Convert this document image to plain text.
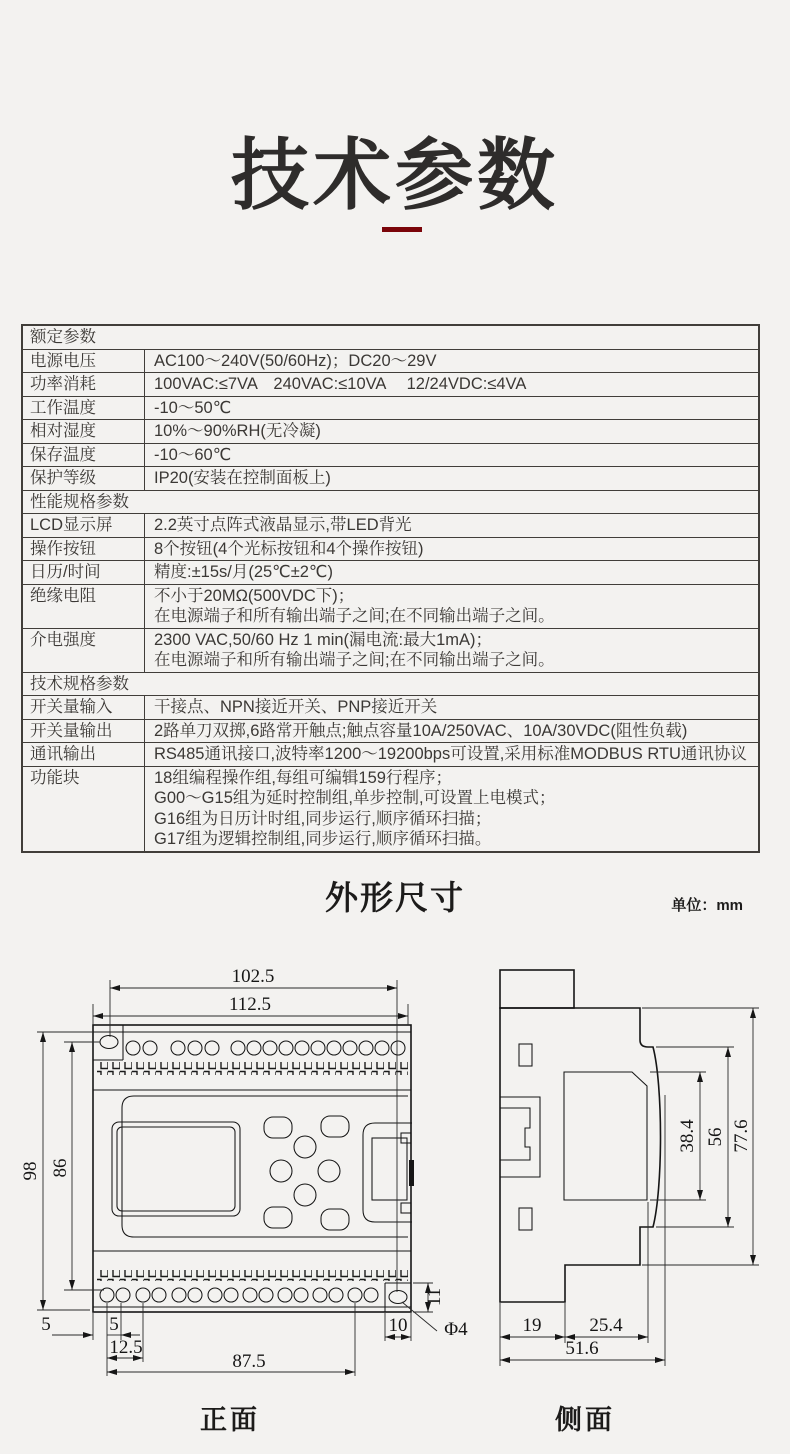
技术参数
额定参数
电源电压	AC100～240V(50/60Hz)；DC20～29V
功率消耗	100VAC:≤7VA　240VAC:≤10VA　 12/24VDC:≤4VA
工作温度	-10～50℃
相对湿度	10%～90%RH(无冷凝)
保存温度	-10～60℃
保护等级	IP20(安装在控制面板上)
性能规格参数
LCD显示屏	2.2英寸点阵式液晶显示,带LED背光
操作按钮	8个按钮(4个光标按钮和4个操作按钮)
日历/时间	精度:±15s/月(25℃±2℃)
绝缘电阻	不小于20MΩ(500VDC下)；
在电源端子和所有输出端子之间;在不同输出端子之间。
介电强度	2300 VAC,50/60 Hz 1 min(漏电流:最大1mA)；
在电源端子和所有输出端子之间;在不同输出端子之间。
技术规格参数
开关量输入	干接点、NPN接近开关、PNP接近开关
开关量输出	2路单刀双掷,6路常开触点;触点容量10A/250VAC、10A/30VDC(阻性负载)
通讯输出	RS485通讯接口,波特率1200～19200bps可设置,采用标准MODBUS RTU通讯协议
功能块	18组编程操作组,每组可编辑159行程序；
G00～G15组为延时控制组,单步控制,可设置上电模式；
G16组为日历计时组,同步运行,顺序循环扫描；
G17组为逻辑控制组,同步运行,顺序循环扫描。
外形尺寸	单位：mm
102.5
112.5
98 86
5	5
12.5
87.5
10
11
Φ4
正面
38.4 56 77.6
19	25.4
51.6
侧面
